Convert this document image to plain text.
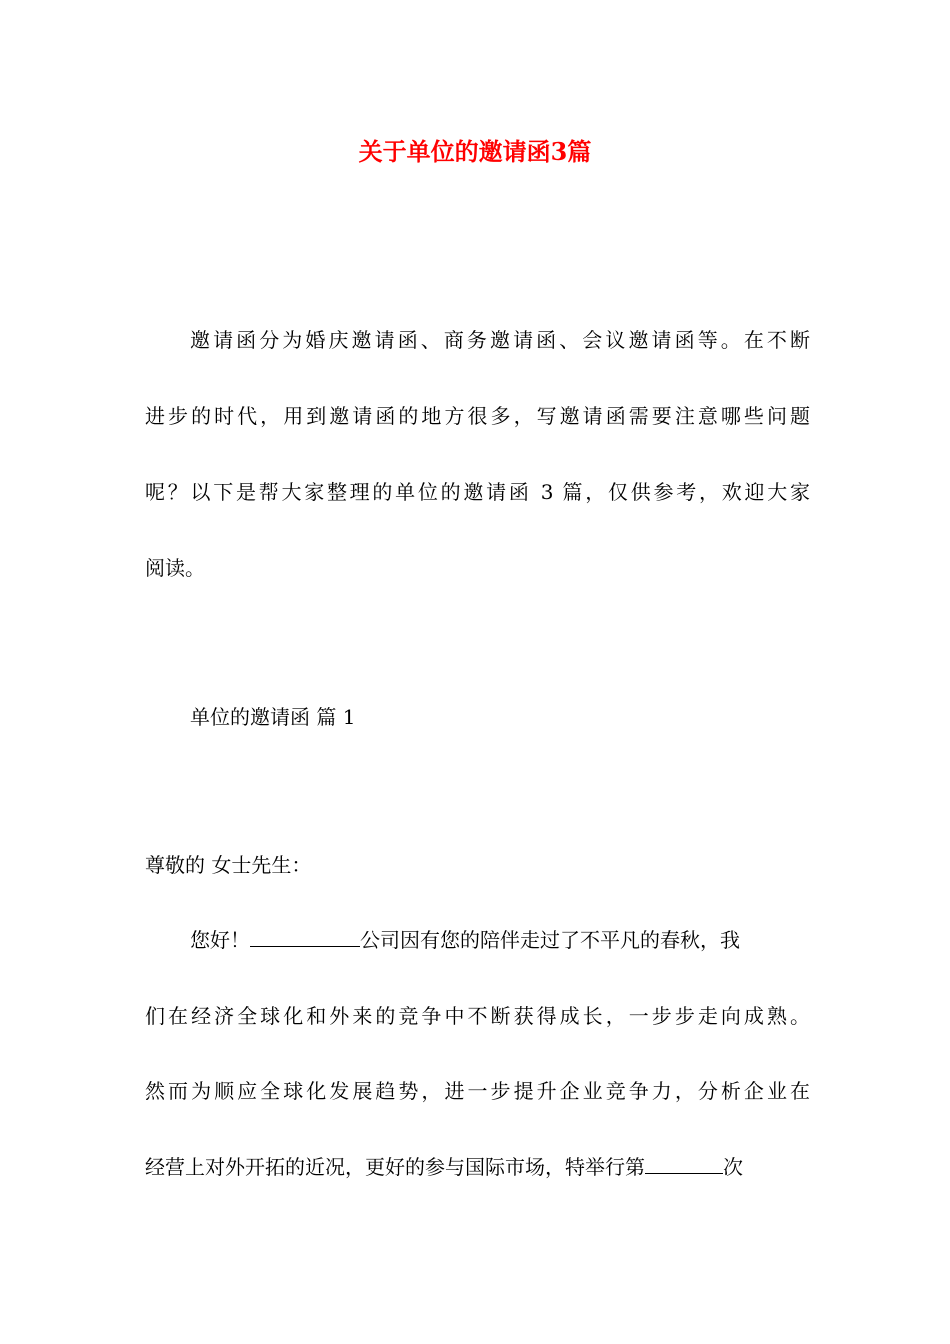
关于单位的邀请函3篇

邀请函分为婚庆邀请函、商务邀请函、会议邀请函等。在不断

进步的时代，用到邀请函的地方很多，写邀请函需要注意哪些问题

呢？以下是帮大家整理的单位的邀请函 3 篇，仅供参考，欢迎大家

阅读。

单位的邀请函 篇 1

尊敬的 女士先生：

您好！	公司因有您的陪伴走过了不平凡的春秋，我

们在经济全球化和外来的竞争中不断获得成长，一步步走向成熟。

然而为顺应全球化发展趋势，进一步提升企业竞争力，分析企业在

经营上对外开拓的近况，更好的参与国际市场，特举行第	次
